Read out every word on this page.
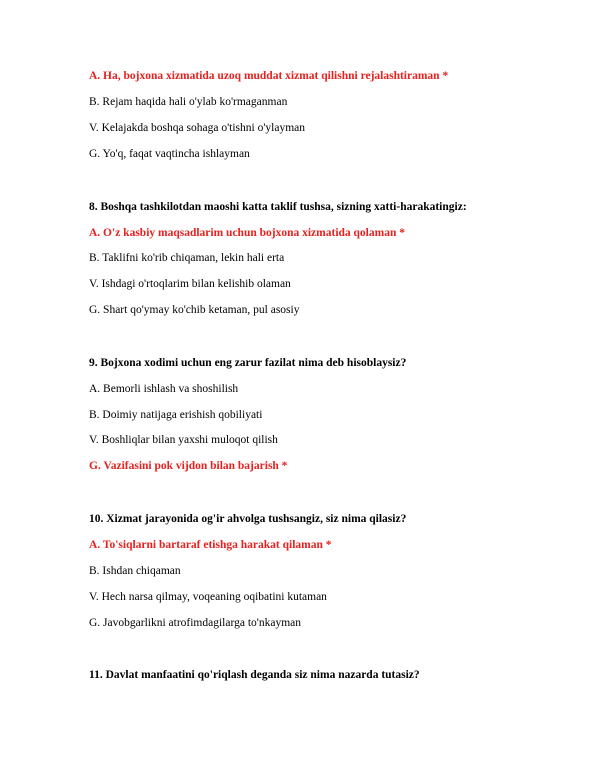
A. Ha, bojxona xizmatida uzoq muddat xizmat qilishni rejalashtiraman *
B. Rejam haqida hali o'ylab ko'rmaganman
V. Kelajakda boshqa sohaga o'tishni o'ylayman
G. Yo'q, faqat vaqtincha ishlayman
8. Boshqa tashkilotdan maoshi katta taklif tushsa, sizning xatti-harakatingiz:
A. O'z kasbiy maqsadlarim uchun bojxona xizmatida qolaman *
B. Taklifni ko'rib chiqaman, lekin hali erta
V. Ishdagi o'rtoqlarim bilan kelishib olaman
G. Shart qo'ymay ko'chib ketaman, pul asosiy
9. Bojxona xodimi uchun eng zarur fazilat nima deb hisoblaysiz?
A. Bemorli ishlash va shoshilish
B. Doimiy natijaga erishish qobiliyati
V. Boshliqlar bilan yaxshi muloqot qilish
G. Vazifasini pok vijdon bilan bajarish *
10. Xizmat jarayonida og'ir ahvolga tushsangiz, siz nima qilasiz?
A. To'siqlarni bartaraf etishga harakat qilaman *
B. Ishdan chiqaman
V. Hech narsa qilmay, voqeaning oqibatini kutaman
G. Javobgarlikni atrofimdagilarga to'nkayman
11. Davlat manfaatini qo'riqlash deganda siz nima nazarda tutasiz?
